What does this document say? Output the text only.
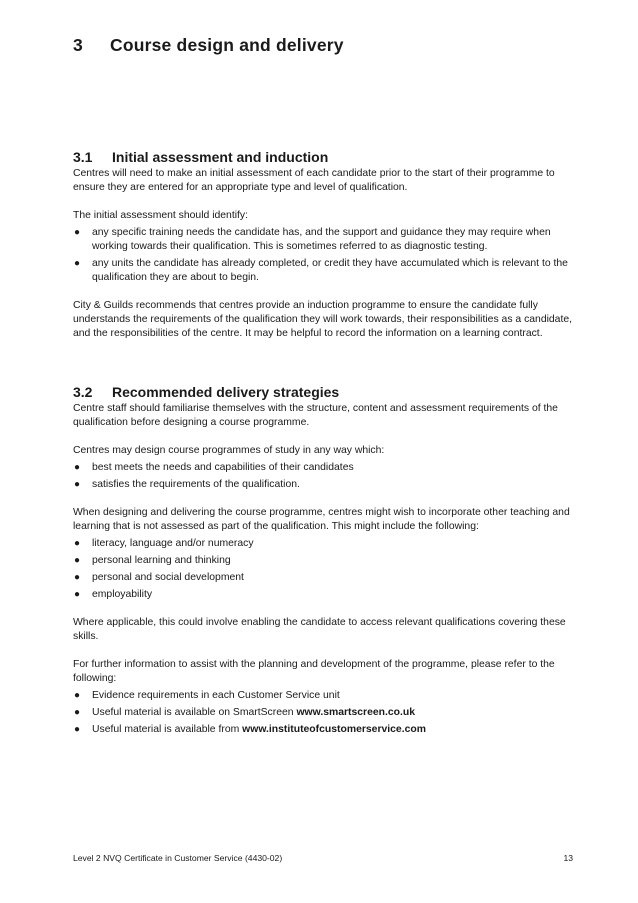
3 Course design and delivery
3.1 Initial assessment and induction

Centres will need to make an initial assessment of each candidate prior to the start of their programme to ensure they are entered for an appropriate type and level of qualification.

The initial assessment should identify:

● any specific training needs the candidate has, and the support and guidance they may require when working towards their qualification. This is sometimes referred to as diagnostic testing.
● any units the candidate has already completed, or credit they have accumulated which is relevant to the qualification they are about to begin.

City & Guilds recommends that centres provide an induction programme to ensure the candidate fully understands the requirements of the qualification they will work towards, their responsibilities as a candidate, and the responsibilities of the centre. It may be helpful to record the information on a learning contract.

3.2 Recommended delivery strategies

Centre staff should familiarise themselves with the structure, content and assessment requirements of the qualification before designing a course programme.

Centres may design course programmes of study in any way which:

● best meets the needs and capabilities of their candidates
● satisfies the requirements of the qualification.

When designing and delivering the course programme, centres might wish to incorporate other teaching and learning that is not assessed as part of the qualification. This might include the following:

● literacy, language and/or numeracy
● personal learning and thinking
● personal and social development
● employability

Where applicable, this could involve enabling the candidate to access relevant qualifications covering these skills.

For further information to assist with the planning and development of the programme, please refer to the following:

● Evidence requirements in each Customer Service unit
● Useful material is available on SmartScreen www.smartscreen.co.uk
● Useful material is available from www.instituteofcustomerservice.com
Level 2 NVQ Certificate in Customer Service (4430-02)	13
